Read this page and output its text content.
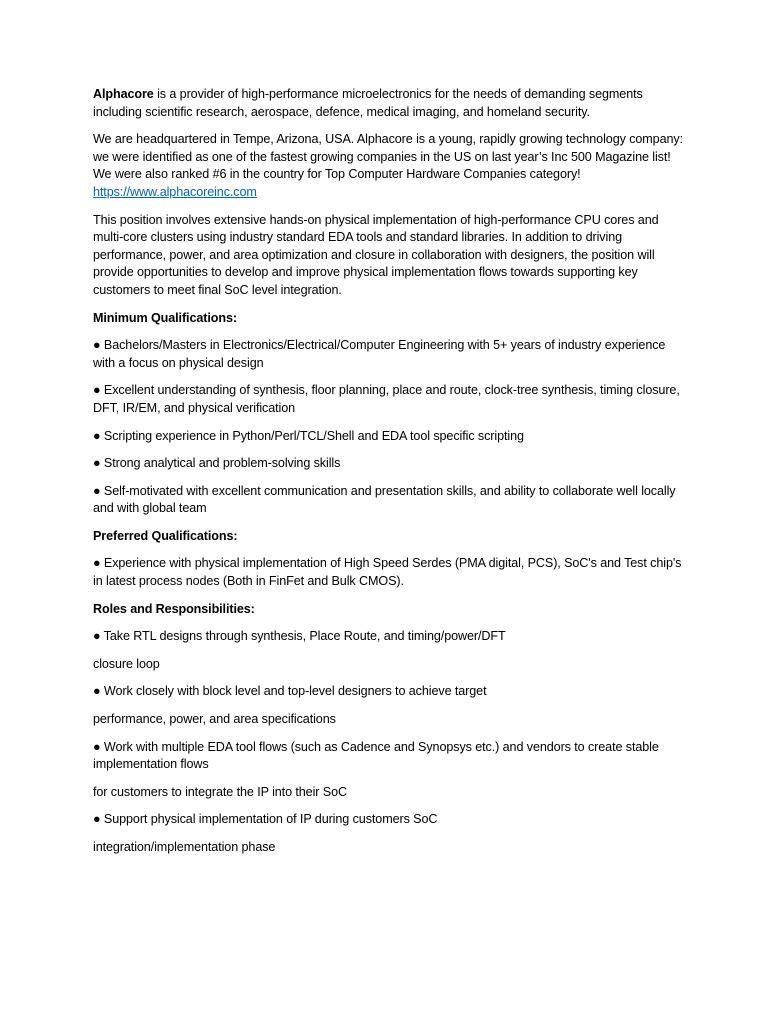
Alphacore is a provider of high-performance microelectronics for the needs of demanding segments including scientific research, aerospace, defence, medical imaging, and homeland security.

We are headquartered in Tempe, Arizona, USA. Alphacore is a young, rapidly growing technology company: we were identified as one of the fastest growing companies in the US on last year’s Inc 500 Magazine list! We were also ranked #6 in the country for Top Computer Hardware Companies category! https://www.alphacoreinc.com

This position involves extensive hands-on physical implementation of high-performance CPU cores and multi-core clusters using industry standard EDA tools and standard libraries. In addition to driving performance, power, and area optimization and closure in collaboration with designers, the position will provide opportunities to develop and improve physical implementation flows towards supporting key customers to meet final SoC level integration.

Minimum Qualifications:

● Bachelors/Masters in Electronics/Electrical/Computer Engineering with 5+ years of industry experience with a focus on physical design

● Excellent understanding of synthesis, floor planning, place and route, clock-tree synthesis, timing closure, DFT, IR/EM, and physical verification

● Scripting experience in Python/Perl/TCL/Shell and EDA tool specific scripting

● Strong analytical and problem-solving skills

● Self-motivated with excellent communication and presentation skills, and ability to collaborate well locally and with global team

Preferred Qualifications:

● Experience with physical implementation of High Speed Serdes (PMA digital, PCS), SoC's and Test chip's in latest process nodes (Both in FinFet and Bulk CMOS).

Roles and Responsibilities:

● Take RTL designs through synthesis, Place Route, and timing/power/DFT

closure loop

● Work closely with block level and top-level designers to achieve target

performance, power, and area specifications

● Work with multiple EDA tool flows (such as Cadence and Synopsys etc.) and vendors to create stable implementation flows

for customers to integrate the IP into their SoC

● Support physical implementation of IP during customers SoC

integration/implementation phase
